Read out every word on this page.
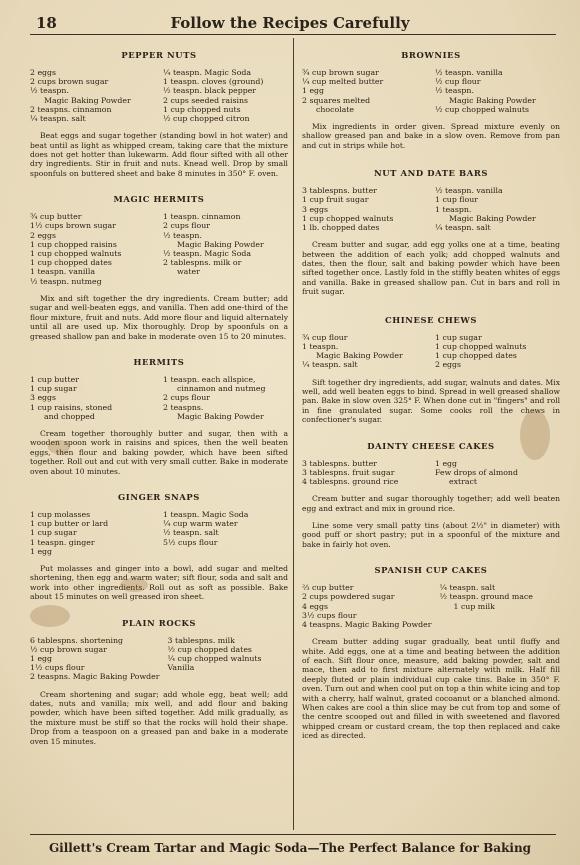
18	Follow the Recipes Carefully
PEPPER NUTS
2 eggs
2 cups brown sugar
½ teaspn.
Magic Baking Powder
2 teaspns. cinnamon
¼ teaspn. salt
¼ teaspn. Magic Soda
1 teaspn. cloves (ground)
½ teaspn. black pepper
2 cups seeded raisins
1 cup chopped nuts
½ cup chopped citron
Beat eggs and sugar together (standing bowl in hot water) and beat until as light as whipped cream, taking care that the mixture does not get hotter than lukewarm. Add flour sifted with all other dry ingredients. Stir in fruit and nuts. Knead well. Drop by small spoonfuls on buttered sheet and bake 8 minutes in 350° F. oven.
MAGIC HERMITS
¾ cup butter
1½ cups brown sugar
2 eggs
1 cup chopped raisins
1 cup chopped walnuts
1 cup chopped dates
1 teaspn. vanilla
½ teaspn. nutmeg
1 teaspn. cinnamon
2 cups flour
½ teaspn.
Magic Baking Powder
½ teaspn. Magic Soda
2 tablespns. milk or
water
Mix and sift together the dry ingredients. Cream butter; add sugar and well-beaten eggs, and vanilla. Then add one-third of the flour mixture, fruit and nuts. Add more flour and liquid alternately until all are used up. Mix thoroughly. Drop by spoonfuls on a greased shallow pan and bake in moderate oven 15 to 20 minutes.
HERMITS
1 cup butter
1 cup sugar
3 eggs
1 cup raisins, stoned
and chopped
1 teaspn. each allspice,
cinnamon and nutmeg
2 cups flour
2 teaspns.
Magic Baking Powder
Cream together thoroughly butter and sugar, then with a wooden spoon work in raisins and spices, then the well beaten eggs, then flour and baking powder, which have been sifted together. Roll out and cut with very small cutter. Bake in moderate oven about 10 minutes.
GINGER SNAPS
1 cup molasses
1 cup butter or lard
1 cup sugar
1 teaspn. ginger
1 egg
1 teaspn. Magic Soda
¼ cup warm water
½ teaspn. salt
5½ cups flour
Put molasses and ginger into a bowl, add sugar and melted shortening, then egg and warm water; sift flour, soda and salt and work into other ingredients. Roll out as soft as possible. Bake about 15 minutes on well greased iron sheet.
PLAIN ROCKS
6 tablespns. shortening
½ cup brown sugar
1 egg
1½ cups flour
2 teaspns. Magic Baking Powder
3 tablespns. milk
½ cup chopped dates
¼ cup chopped walnuts
Vanilla
Cream shortening and sugar; add whole egg, beat well; add dates, nuts and vanilla; mix well, and add flour and baking powder, which have been sifted together. Add milk gradually, as the mixture must be stiff so that the rocks will hold their shape. Drop from a teaspoon on a greased pan and bake in a moderate oven 15 minutes.
BROWNIES
¾ cup brown sugar
¼ cup melted butter
1 egg
2 squares melted
chocolate
½ teaspn. vanilla
½ cup flour
½ teaspn.
Magic Baking Powder
½ cup chopped walnuts
Mix ingredients in order given. Spread mixture evenly on shallow greased pan and bake in a slow oven. Remove from pan and cut in strips while hot.
NUT AND DATE BARS
3 tablespns. butter
1 cup fruit sugar
3 eggs
1 cup chopped walnuts
1 lb. chopped dates
½ teaspn. vanilla
1 cup flour
1 teaspn.
Magic Baking Powder
¼ teaspn. salt
Cream butter and sugar, add egg yolks one at a time, beating between the addition of each yolk; add chopped walnuts and dates, then the flour, salt and baking powder which have been sifted together once. Lastly fold in the stiffly beaten whites of eggs and vanilla. Bake in greased shallow pan. Cut in bars and roll in fruit sugar.
CHINESE CHEWS
¾ cup flour
1 teaspn.
Magic Baking Powder
¼ teaspn. salt
1 cup sugar
1 cup chopped walnuts
1 cup chopped dates
2 eggs
Sift together dry ingredients, add sugar, walnuts and dates. Mix well, add well beaten eggs to bind. Spread in well greased shallow pan. Bake in slow oven 325° F. When done cut in "fingers" and roll in fine granulated sugar. Some cooks roll the chews in confectioner's sugar.
DAINTY CHEESE CAKES
3 tablespns. butter
3 tablespns. fruit sugar
4 tablespns. ground rice
1 egg
Few drops of almond
extract
Cream butter and sugar thoroughly together; add well beaten egg and extract and mix in ground rice.
Line some very small patty tins (about 2½" in diameter) with good puff or short pastry; put in a spoonful of the mixture and bake in fairly hot oven.
SPANISH CUP CAKES
⅔ cup butter
2 cups powdered sugar
4 eggs
3½ cups flour
4 teaspns. Magic Baking Powder
¼ teaspn. salt
½ teaspn. ground mace
1 cup milk
Cream butter adding sugar gradually, beat until fluffy and white. Add eggs, one at a time and beating between the addition of each. Sift flour once, measure, add baking powder, salt and mace, then add to first mixture alternately with milk. Half fill deeply fluted or plain individual cup cake tins. Bake in 350° F. oven. Turn out and when cool put on top a thin white icing and top with a cherry, half walnut, grated cocoanut or a blanched almond. When cakes are cool a thin slice may be cut from top and some of the centre scooped out and filled in with sweetened and flavored whipped cream or custard cream, the top then replaced and cake iced as directed.
Gillett's Cream Tartar and Magic Soda—The Perfect Balance for Baking
